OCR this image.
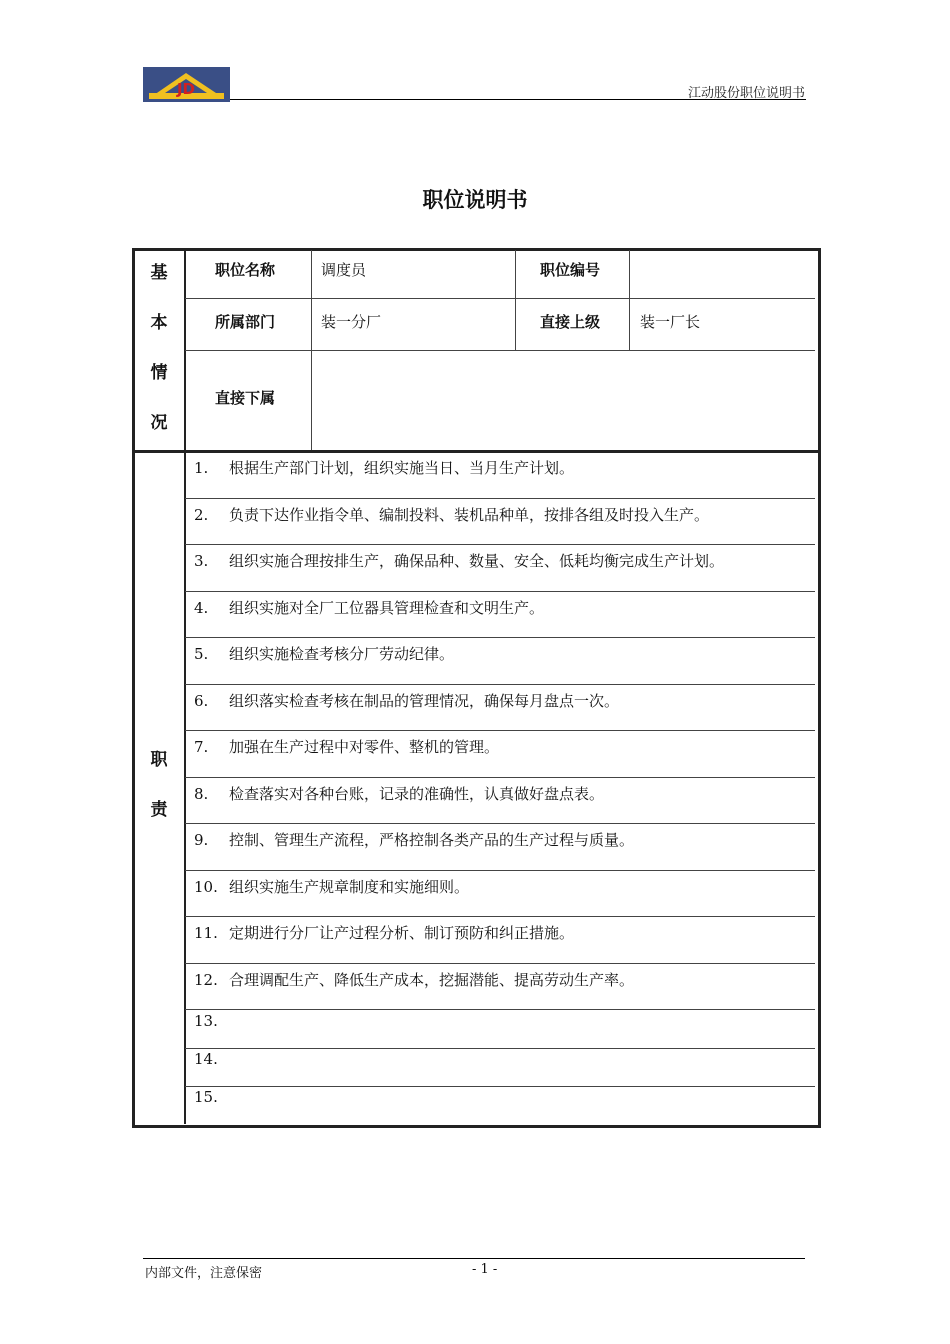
JD	江动股份职位说明书
职位说明书
基
本
情
况
职位名称	调度员	职位编号
所属部门	装一分厂	直接上级	装一厂长
直接下属
职
责
1. 根据生产部门计划，组织实施当日、当月生产计划。
2. 负责下达作业指令单、编制投料、装机品种单，按排各组及时投入生产。
3. 组织实施合理按排生产，确保品种、数量、安全、低耗均衡完成生产计划。
4. 组织实施对全厂工位器具管理检查和文明生产。
5. 组织实施检查考核分厂劳动纪律。
6. 组织落实检查考核在制品的管理情况，确保每月盘点一次。
7. 加强在生产过程中对零件、整机的管理。
8. 检查落实对各种台账，记录的准确性，认真做好盘点表。
9. 控制、管理生产流程，严格控制各类产品的生产过程与质量。
10. 组织实施生产规章制度和实施细则。
11. 定期进行分厂让产过程分析、制订预防和纠正措施。
12. 合理调配生产、降低生产成本，挖掘潜能、提高劳动生产率。
13.
14.
15.
内部文件，注意保密	- 1 -
